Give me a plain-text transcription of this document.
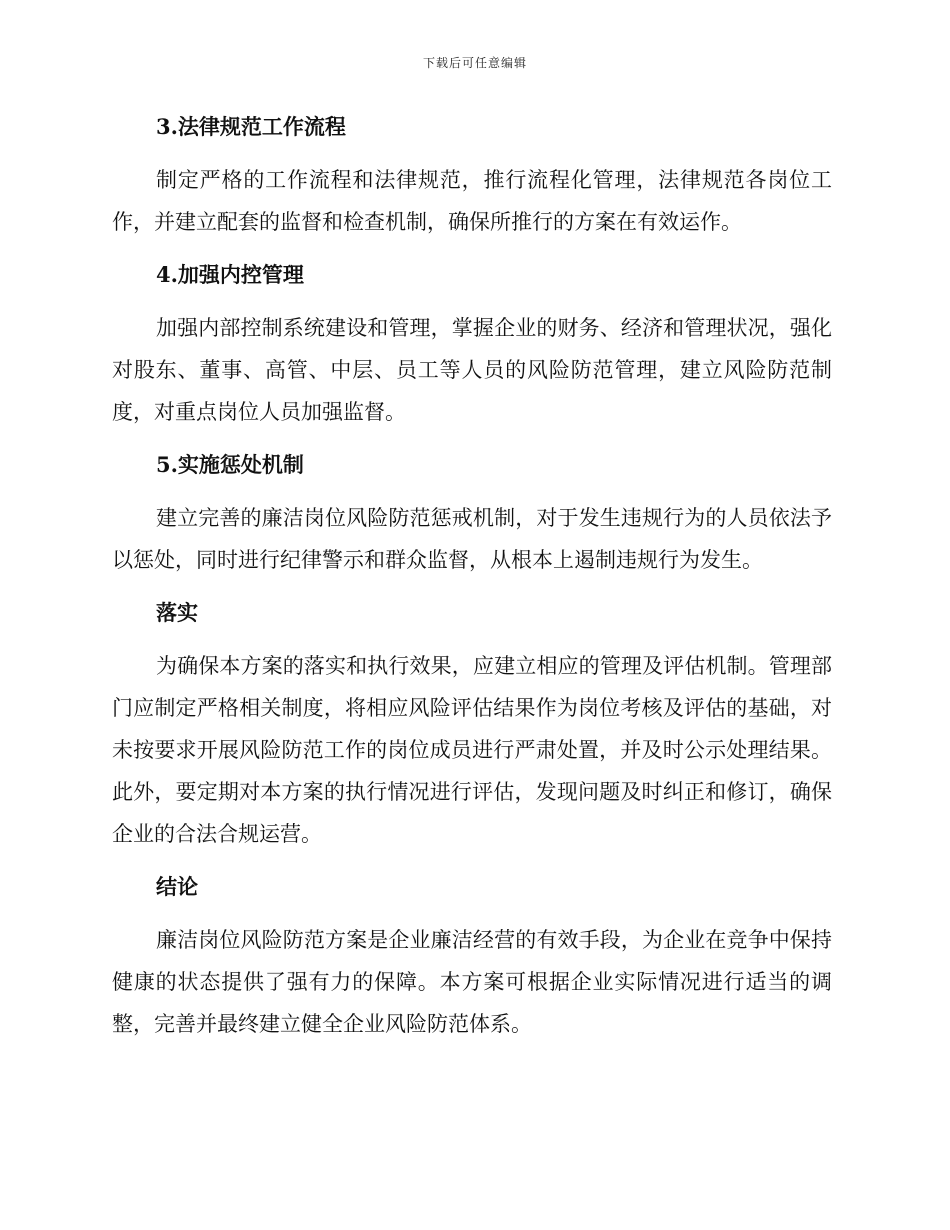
下载后可任意编辑
3.法律规范工作流程
制定严格的工作流程和法律规范，推行流程化管理，法律规范各岗位工作，并建立配套的监督和检查机制，确保所推行的方案在有效运作。
4.加强内控管理
加强内部控制系统建设和管理，掌握企业的财务、经济和管理状况，强化对股东、董事、高管、中层、员工等人员的风险防范管理，建立风险防范制度，对重点岗位人员加强监督。
5.实施惩处机制
建立完善的廉洁岗位风险防范惩戒机制，对于发生违规行为的人员依法予以惩处，同时进行纪律警示和群众监督，从根本上遏制违规行为发生。
落实
为确保本方案的落实和执行效果，应建立相应的管理及评估机制。管理部门应制定严格相关制度，将相应风险评估结果作为岗位考核及评估的基础，对未按要求开展风险防范工作的岗位成员进行严肃处置，并及时公示处理结果。此外，要定期对本方案的执行情况进行评估，发现问题及时纠正和修订，确保企业的合法合规运营。
结论
廉洁岗位风险防范方案是企业廉洁经营的有效手段，为企业在竞争中保持健康的状态提供了强有力的保障。本方案可根据企业实际情况进行适当的调整，完善并最终建立健全企业风险防范体系。
